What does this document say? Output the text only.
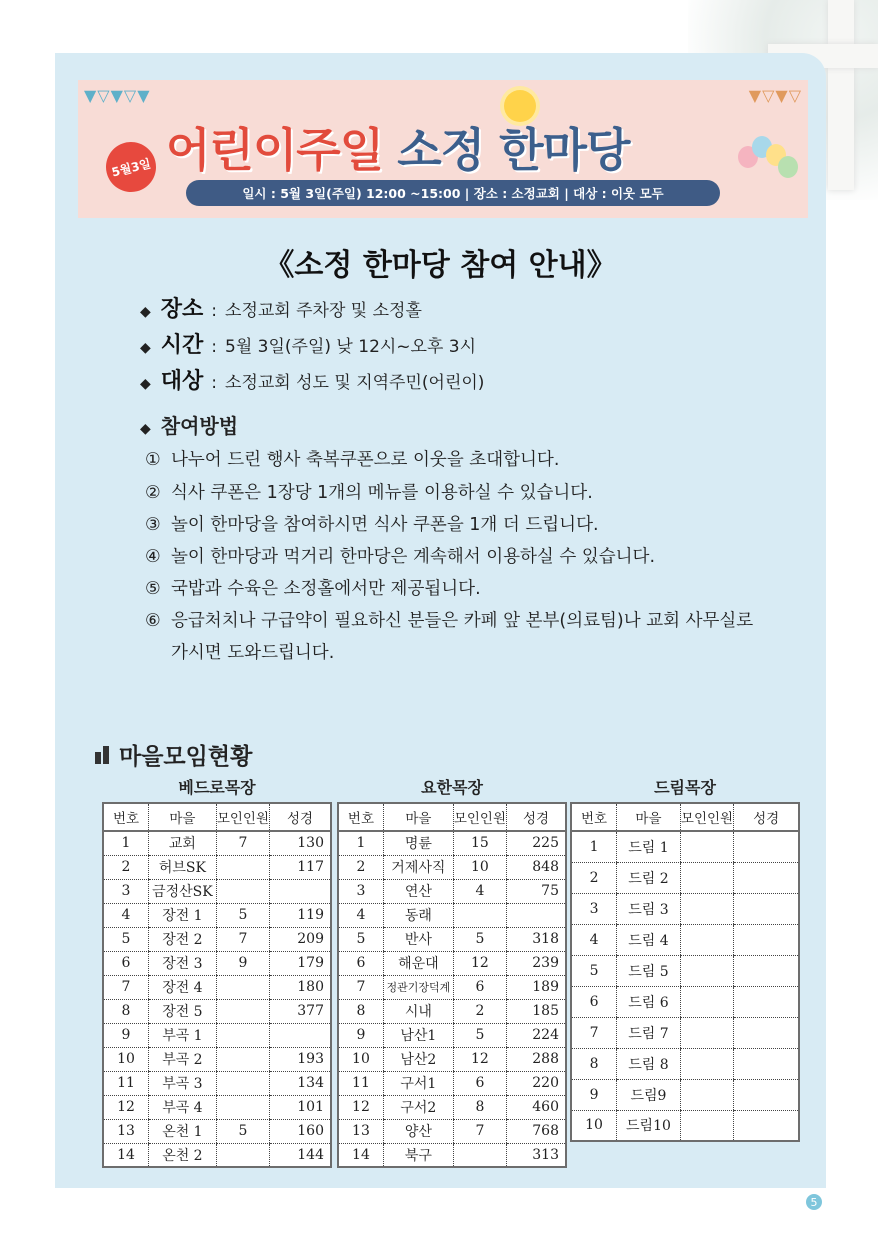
▼▽▼▽▼	▼▽▼▽
5월3일 어린이주일 소정 한마당
일시 : 5월 3일(주일) 12:00 ~15:00 | 장소 : 소정교회 | 대상 : 이웃 모두
《소정 한마당 참여 안내》
◆ 장소 : 소정교회 주차장 및 소정홀
◆ 시간 : 5월 3일(주일) 낮 12시~오후 3시
◆ 대상 : 소정교회 성도 및 지역주민(어린이)
◆ 참여방법
① 나누어 드린 행사 축복쿠폰으로 이웃을 초대합니다.
② 식사 쿠폰은 1장당 1개의 메뉴를 이용하실 수 있습니다.
③ 놀이 한마당을 참여하시면 식사 쿠폰을 1개 더 드립니다.
④ 놀이 한마당과 먹거리 한마당은 계속해서 이용하실 수 있습니다.
⑤ 국밥과 수육은 소정홀에서만 제공됩니다.
⑥ 응급처치나 구급약이 필요하신 분들은 카페 앞 본부(의료팀)나 교회 사무실로
가시면 도와드립니다.
마을모임현황
베드로목장	요한목장	드림목장
번호	마을	모인인원	성경
1	교회	7	130
2	허브SK		117
3	금정산SK		
4	장전 1	5	119
5	장전 2	7	209
6	장전 3	9	179
7	장전 4		180
8	장전 5		377
9	부곡 1		
10	부곡 2		193
11	부곡 3		134
12	부곡 4		101
13	온천 1	5	160
14	온천 2		144
번호	마을	모인인원	성경
1	명륜	15	225
2	거제사직	10	848
3	연산	4	75
4	동래		
5	반사	5	318
6	해운대	12	239
7	정관기장덕계	6	189
8	시내	2	185
9	남산1	5	224
10	남산2	12	288
11	구서1	6	220
12	구서2	8	460
13	양산	7	768
14	북구		313
번호	마을	모인인원	성경
1	드림 1		
2	드림 2		
3	드림 3		
4	드림 4		
5	드림 5		
6	드림 6		
7	드림 7		
8	드림 8		
9	드림9		
10	드림10		
5
